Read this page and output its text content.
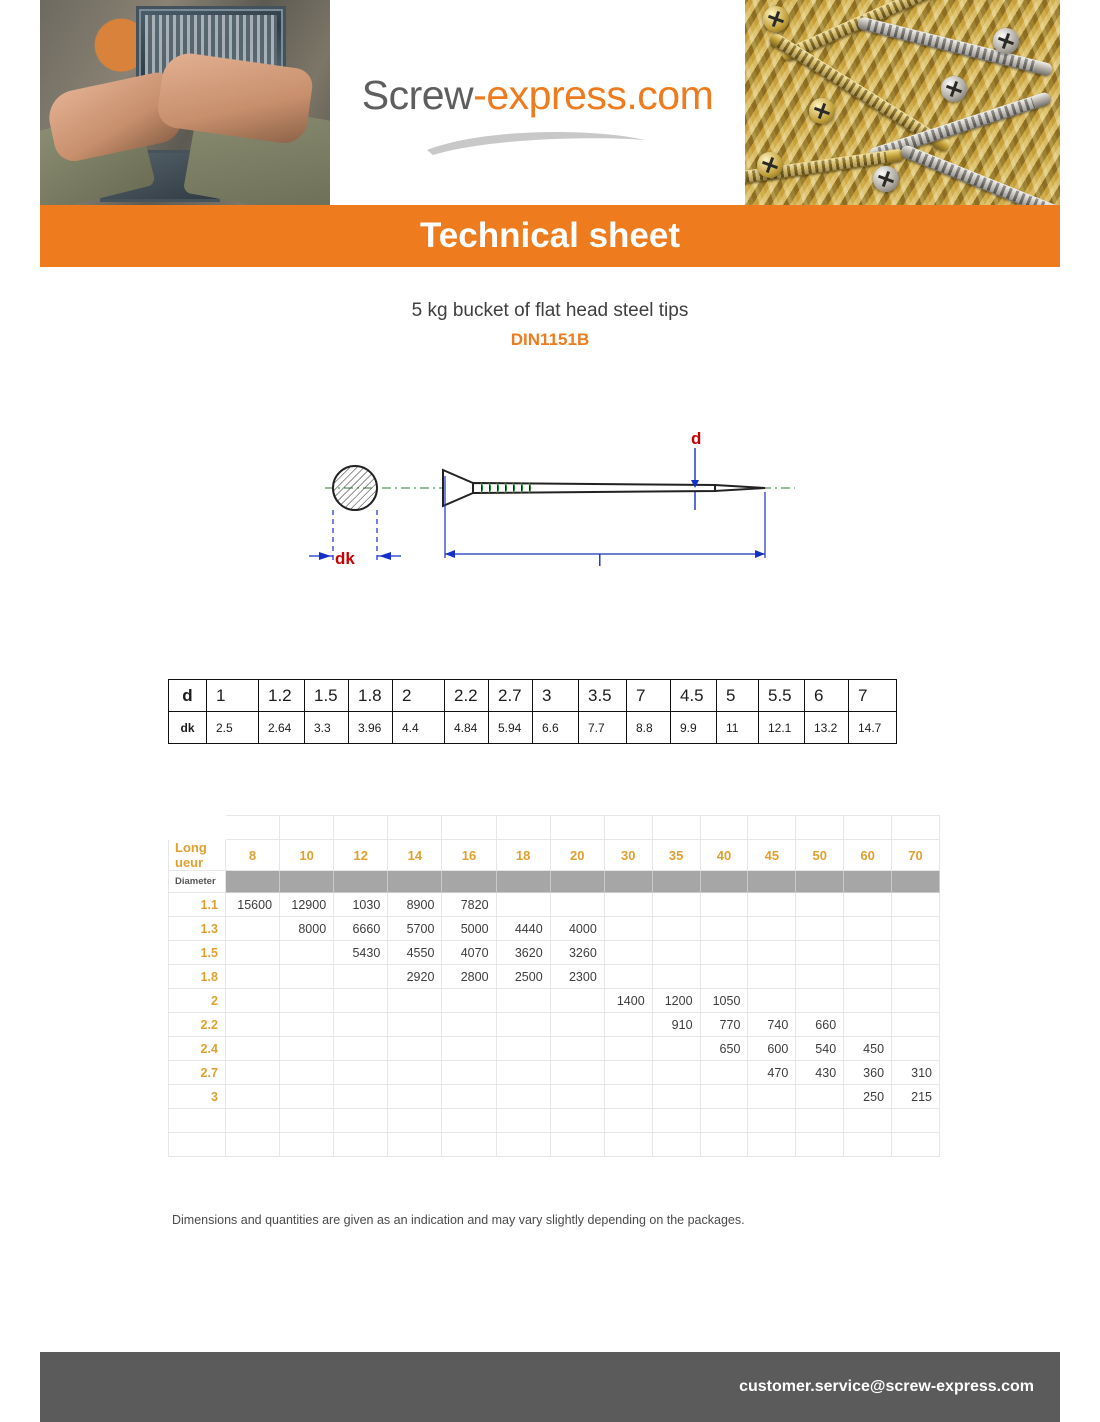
Screw-express.com
Technical sheet
5 kg bucket of flat head steel tips
DIN1151B
d
dk	l
d	1	1.2	1.5	1.8	2	2.2	2.7	3	3.5	7	4.5	5	5.5	6	7
dk	2.5	2.64	3.3	3.96	4.4	4.84	5.94	6.6	7.7	8.8	9.9	11	12.1	13.2	14.7

Long
ueur	8	10	12	14	16	18	20	30	35	40	45	50	60	70
Diameter														
1.1	15600	12900	1030	8900	7820									
1.3		8000	6660	5700	5000	4440	4000							
1.5			5430	4550	4070	3620	3260							
1.8				2920	2800	2500	2300							
2								1400	1200	1050				
2.2									910	770	740	660		
2.4										650	600	540	450	
2.7											470	430	360	310
3													250	215

Dimensions and quantities are given as an indication and may vary slightly depending on the packages.
customer.service@screw-express.com
